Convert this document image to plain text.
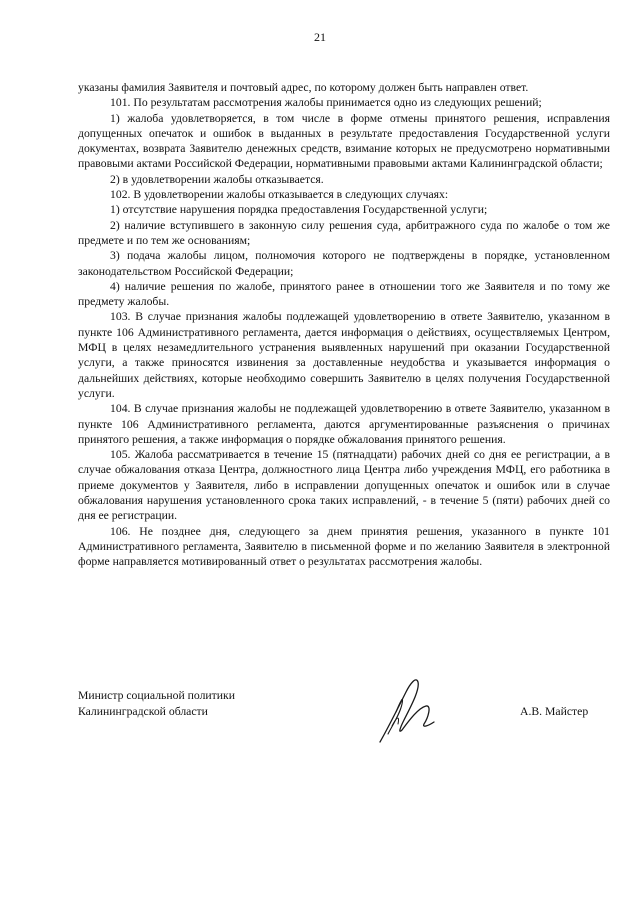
21

указаны фамилия Заявителя и почтовый адрес, по которому должен быть направлен ответ.

101. По результатам рассмотрения жалобы принимается одно из следующих решений;

1) жалоба удовлетворяется, в том числе в форме отмены принятого решения, исправления допущенных опечаток и ошибок в выданных в результате предоставления Государственной услуги документах, возврата Заявителю денежных средств, взимание которых не предусмотрено нормативными правовыми актами Российской Федерации, нормативными правовыми актами Калининградской области;

2) в удовлетворении жалобы отказывается.

102. В удовлетворении жалобы отказывается в следующих случаях:

1) отсутствие нарушения порядка предоставления Государственной услуги;

2) наличие вступившего в законную силу решения суда, арбитражного суда по жалобе о том же предмете и по тем же основаниям;

3) подача жалобы лицом, полномочия которого не подтверждены в порядке, установленном законодательством Российской Федерации;

4) наличие решения по жалобе, принятого ранее в отношении того же Заявителя и по тому же предмету жалобы.

103. В случае признания жалобы подлежащей удовлетворению в ответе Заявителю, указанном в пункте 106 Административного регламента, дается информация о действиях, осуществляемых Центром, МФЦ в целях незамедлительного устранения выявленных нарушений при оказании Государственной услуги, а также приносятся извинения за доставленные неудобства и указывается информация о дальнейших действиях, которые необходимо совершить Заявителю в целях получения Государственной услуги.

104. В случае признания жалобы не подлежащей удовлетворению в ответе Заявителю, указанном в пункте 106 Административного регламента, даются аргументированные разъяснения о причинах принятого решения, а также информация о порядке обжалования принятого решения.

105. Жалоба рассматривается в течение 15 (пятнадцати) рабочих дней со дня ее регистрации, а в случае обжалования отказа Центра, должностного лица Центра либо учреждения МФЦ, его работника в приеме документов у Заявителя, либо в исправлении допущенных опечаток и ошибок или в случае обжалования нарушения установленного срока таких исправлений, - в течение 5 (пяти) рабочих дней со дня ее регистрации.

106. Не позднее дня, следующего за днем принятия решения, указанного в пункте 101 Административного регламента, Заявителю в письменной форме и по желанию Заявителя в электронной форме направляется мотивированный ответ о результатах рассмотрения жалобы.

Министр социальной политики
Калининградской области	А.В. Майстер
